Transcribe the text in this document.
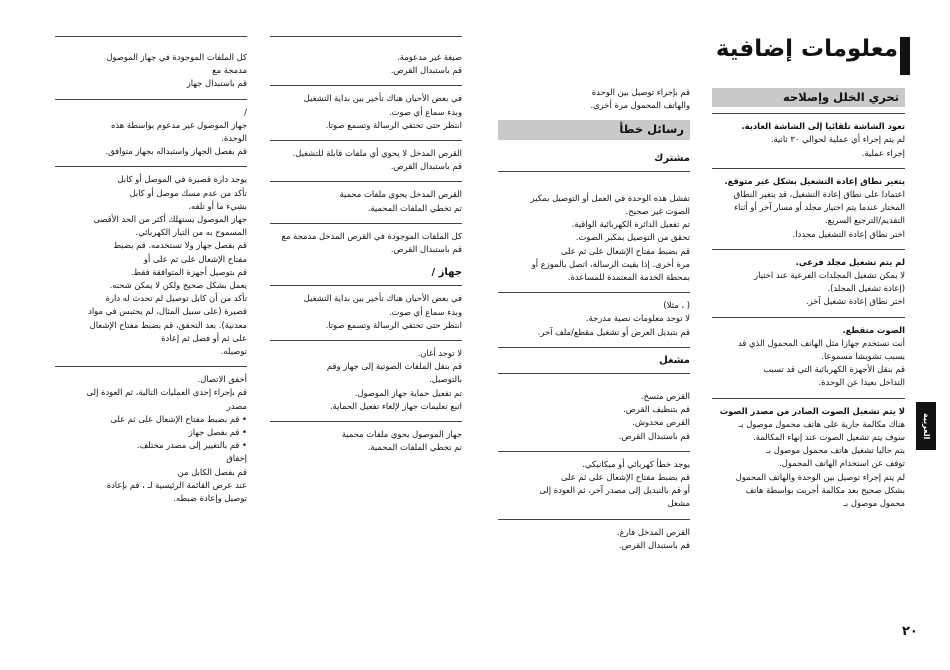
معلومات إضافية
تحري الخلل وإصلاحه

تعود الشاشة تلقائيا إلى الشاشة العادية.

لم يتم إجراء أي عملية لحوالي ٣٠ ثانية.

إجراء عملية.

يتغير نطاق إعادة التشغيل بشكل غير متوقع.

اعتمادا على نطاق إعادة التشغيل، قد يتغير النطاق

المختار عندما يتم اختيار مجلد أو مسار آخر أو أثناء

التقديم/الترجيع السريع.

اختر نطاق إعادة التشغيل مجددا.

لم يتم تشغيل مجلد فرعي.

لا يمكن تشغيل المجلدات الفرعية عند اختيار

(إعادة تشغيل المجلد).

اختر نطاق إعادة تشغيل آخر.

الصوت متقطع.

أنت تستخدم جهازا مثل الهاتف المحمول الذي قد

يسبب تشويشا مسموعا.

قم بنقل الأجهزة الكهربائية التي قد تسبب

التداخل بعيدا عن الوحدة.

لا يتم تشغيل الصوت الصادر من مصدر الصوت

هناك مكالمة جارية على هاتف محمول موصول بـ

سوف يتم تشغيل الصوت عند إنهاء المكالمة.

يتم حاليا تشغيل هاتف محمول موصول بـ

توقف عن استخدام الهاتف المحمول.

لم يتم إجراء توصيل بين الوحدة والهاتف المحمول

بشكل صحيح بعد مكالمة أجريت بواسطة هاتف

محمول موصول بـ

قم بإجراء توصيل بين الوحدة

والهاتف المحمول مرة أخرى.

رسائل خطأ
مشترك

تفشل هذه الوحدة في العمل أو التوصيل بمكبر

الصوت غير صحيح.

تم تفعيل الدائرة الكهربائية الواقية.

تحقق من التوصيل بمكبر الصوت.

قم بضبط مفتاح الإشعال على ثم على

مرة أخرى. إذا بقيت الرسالة، اتصل بالموزع أو

بمحطة الخدمة المعتمدة للمساعدة.

( ، مثلا)

لا توجد معلومات نصية مدرجة.

قم بتبديل العرض أو تشغيل مقطع/ملف آخر.

مشغل

القرص متسخ.

قم بتنظيف القرص.

القرص مخدوش.

قم باستبدال القرص.

يوجد خطأ كهربائي أو ميكانيكي.

قم بضبط مفتاح الإشعال على ثم على

أو قم بالتبديل إلى مصدر آخر، ثم العودة إلى

مشغل

القرص المدخل فارغ.

قم باستبدال القرص.

صيغة غير مدعومة.

قم باستبدال القرص.

في بعض الأحيان هناك تأخير بين بداية التشغيل

وبدء سماع أي صوت.

انتظر حتى تختفي الرسالة وتسمع صوتا.

القرص المدخل لا يحوي أي ملفات قابلة للتشغيل.

قم باستبدال القرص.

القرص المدخل يحوي ملفات محمية

تم تخطي الملفات المحمية.

كل الملفات الموجودة في القرص المدخل مدمجة مع

قم باستبدال القرص.

جهاز /

في بعض الأحيان هناك تأخير بين بداية التشغيل

وبدء سماع أي صوت.

انتظر حتى تختفي الرسالة وتسمع صوتا.

لا توجد أغان.

قم بنقل الملفات الصوتية إلى جهاز وقم

بالتوصيل.

تم تفعيل حماية جهاز الموصول.

اتبع تعليمات جهاز لإلغاء تفعيل الحماية.

جهاز الموصول يحوي ملفات محمية

تم تخطي الملفات المحمية.

كل الملفات الموجودة في جهاز الموصول

مدمجة مع

قم باستبدال جهاز

/

جهاز الموصول غير مدعوم بواسطة هذه

الوحدة.

قم بفصل الجهاز واستبداله بجهاز متوافق.

يوجد دارة قصيرة في الموصل أو كابل

تأكد من عدم مسك موصل أو كابل

بشيء ما أو تلفه.

جهاز الموصول يستهلك أكثر من الحد الأقصى

المسموح به من التيار الكهربائي.

قم بفصل جهاز ولا تستخدمه. قم بضبط

مفتاح الإشعال على ثم على أو

قم بتوصيل أجهزة المتوافقة فقط.

يعمل بشكل صحيح ولكن لا يمكن شحنه.

تأكد من أن كابل توصيل لم تحدث له دارة

قصيرة (على سبيل المثال، لم يحتبس في مواد

معدنية). بعد التحقق، قم بضبط مفتاح الإشعال

على ثم أو فصل ثم إعادة

توصيله.

أخفق الاتصال.

قم بإجراء إحدى العمليات التالية، ثم العودة إلى

مصدر

• قم بضبط مفتاح الإشعال على ثم على

• قم بفصل جهاز

• قم بالتغيير إلى مصدر مختلف.

إخفاق

قم بفصل الكابل من

عند عرض القائمة الرئيسية لـ ، قم بإعادة

توصيل وإعادة ضبطه.

العربية
٢٠
